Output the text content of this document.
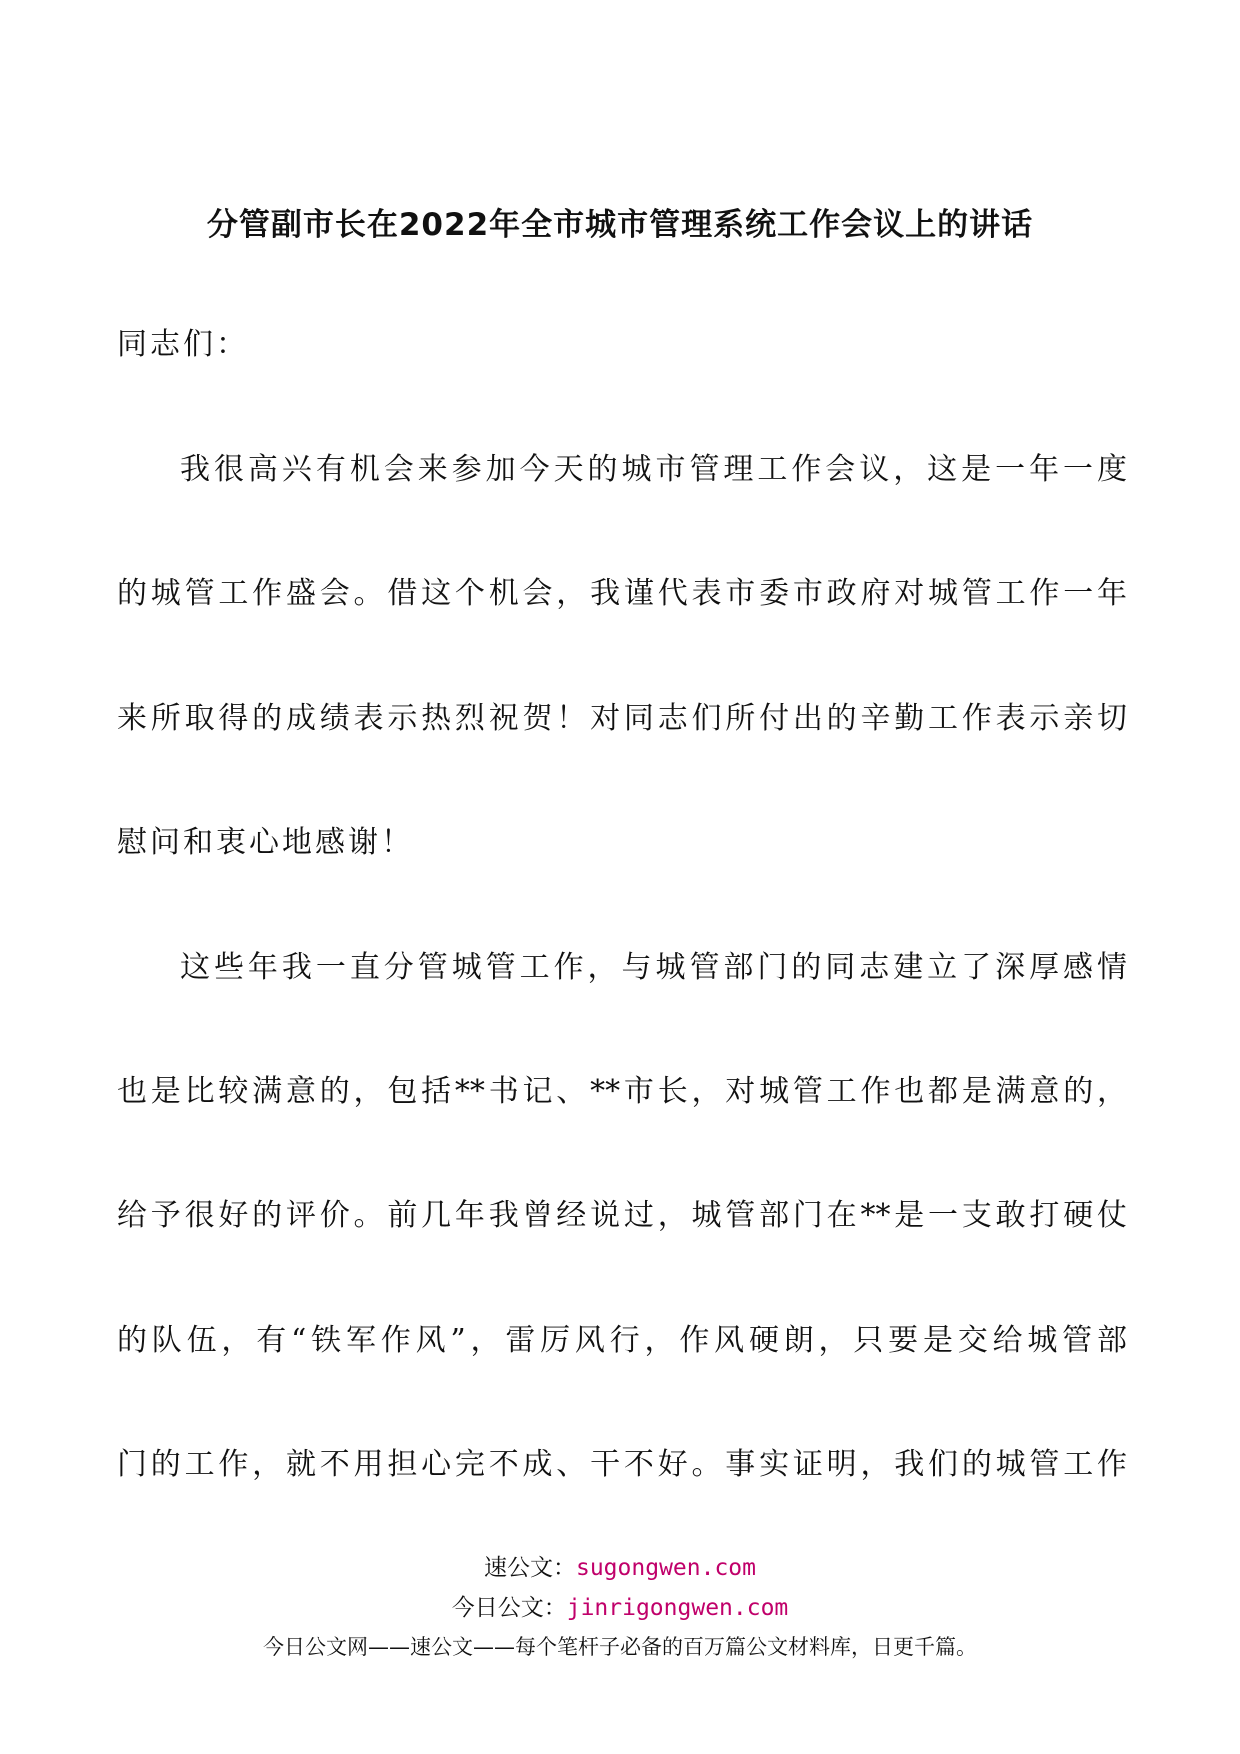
分管副市长在2022年全市城市管理系统工作会议上的讲话
同志们：
我很高兴有机会来参加今天的城市管理工作会议，这是一年一度
的城管工作盛会。借这个机会，我谨代表市委市政府对城管工作一年
来所取得的成绩表示热烈祝贺！对同志们所付出的辛勤工作表示亲切
慰问和衷心地感谢！
这些年我一直分管城管工作，与城管部门的同志建立了深厚感情
也是比较满意的，包括**书记、**市长，对城管工作也都是满意的，
给予很好的评价。前几年我曾经说过，城管部门在**是一支敢打硬仗
的队伍，有“铁军作风”，雷厉风行，作风硬朗，只要是交给城管部
门的工作，就不用担心完不成、干不好。事实证明，我们的城管工作
速公文：sugongwen.com
今日公文：jinrigongwen.com
今日公文网——速公文——每个笔杆子必备的百万篇公文材料库，日更千篇。
